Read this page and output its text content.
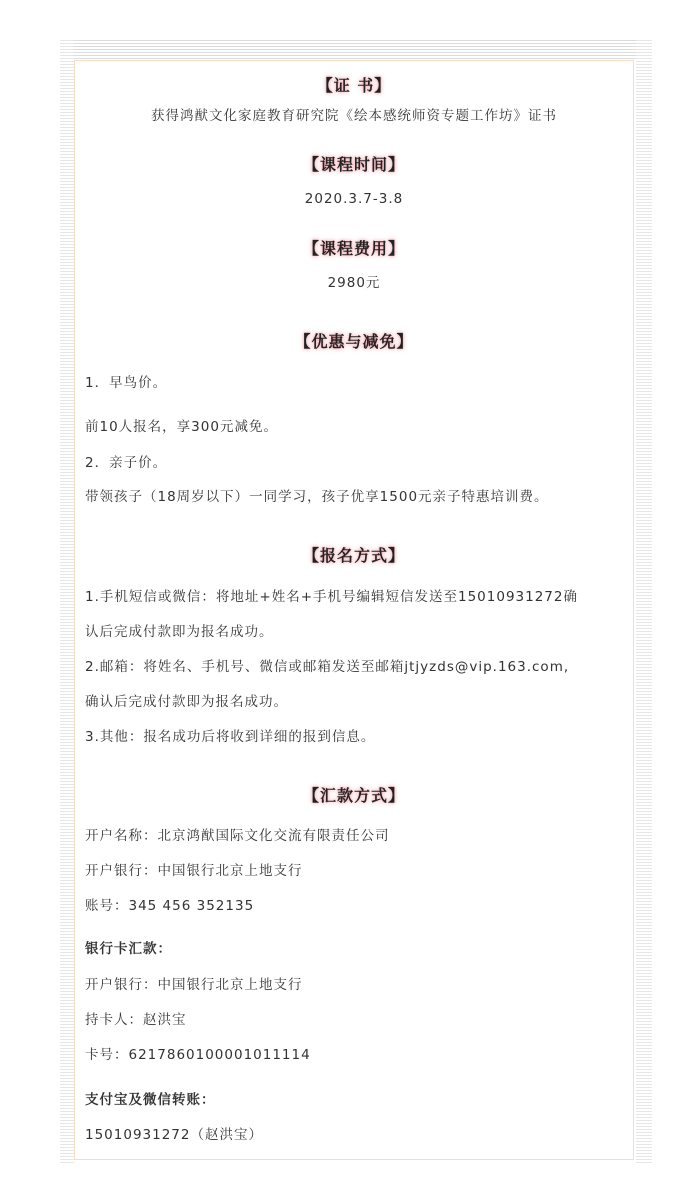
【证 书】
获得鸿猷文化家庭教育研究院《绘本感统师资专题工作坊》证书
【课程时间】
2020.3.7-3.8
【课程费用】
2980元
【优惠与减免】

1．早鸟价。

前10人报名，享300元减免。

2．亲子价。

带领孩子（18周岁以下）一同学习，孩子优享1500元亲子特惠培训费。

【报名方式】

1.手机短信或微信：将地址+姓名+手机号编辑短信发送至15010931272确

认后完成付款即为报名成功。

2.邮箱：将姓名、手机号、微信或邮箱发送至邮箱jtjyzds@vip.163.com,

确认后完成付款即为报名成功。

3.其他：报名成功后将收到详细的报到信息。

【汇款方式】

开户名称：北京鸿猷国际文化交流有限责任公司

开户银行：中国银行北京上地支行

账号：345 456 352135

银行卡汇款：

开户银行：中国银行北京上地支行

持卡人：赵洪宝

卡号：6217860100001011114

支付宝及微信转账：

15010931272（赵洪宝）
